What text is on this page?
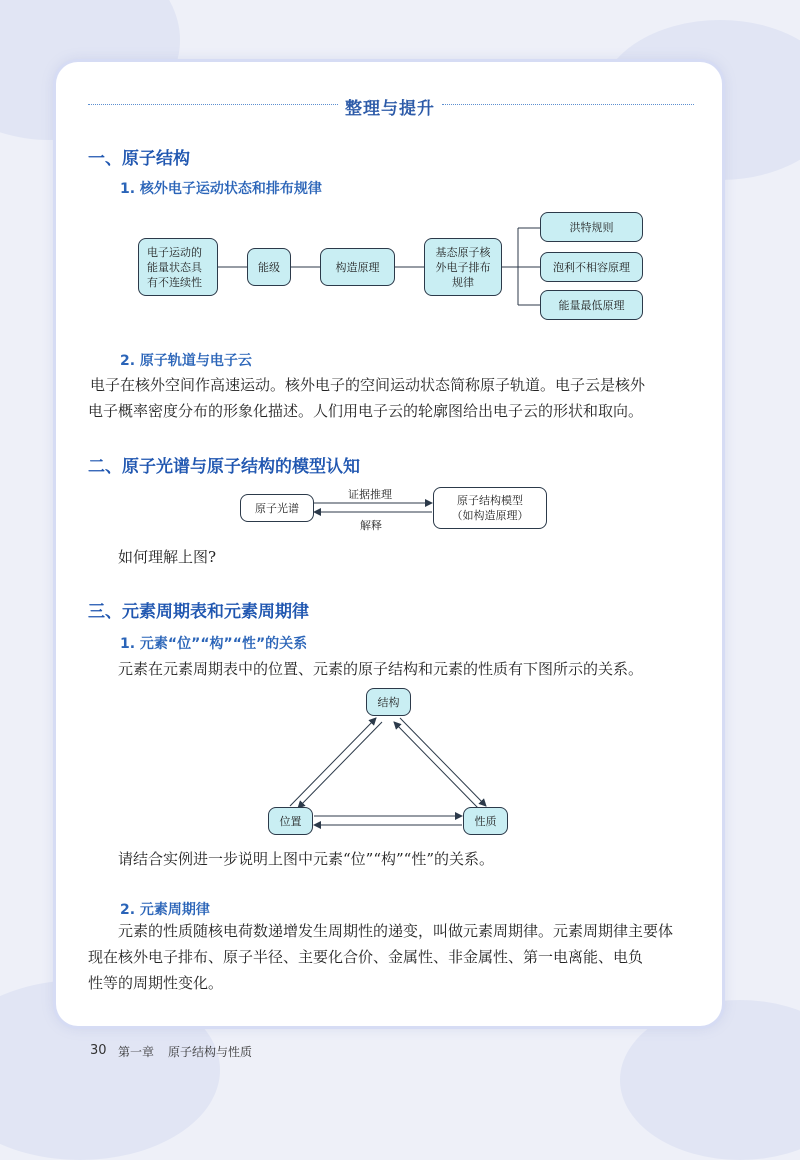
整理与提升
一、原子结构
1. 核外电子运动状态和排布规律
电子运动的
能量状态具
有不连续性
能级	构造原理
基态原子核
外电子排布
规律
洪特规则
泡利不相容原理
能量最低原理
2. 原子轨道与电子云
电子在核外空间作高速运动。核外电子的空间运动状态简称原子轨道。电子云是核外
电子概率密度分布的形象化描述。人们用电子云的轮廓图给出电子云的形状和取向。
二、原子光谱与原子结构的模型认知
原子光谱
原子结构模型
（如构造原理）
证据推理
解释
如何理解上图?
三、元素周期表和元素周期律
1. 元素“位”“构”“性”的关系
元素在元素周期表中的位置、元素的原子结构和元素的性质有下图所示的关系。
结构
位置	性质
请结合实例进一步说明上图中元素“位”“构”“性”的关系。
2. 元素周期律
元素的性质随核电荷数递增发生周期性的递变，叫做元素周期律。元素周期律主要体
现在核外电子排布、原子半径、主要化合价、金属性、非金属性、第一电离能、电负
性等的周期性变化。
30 第一章 原子结构与性质
